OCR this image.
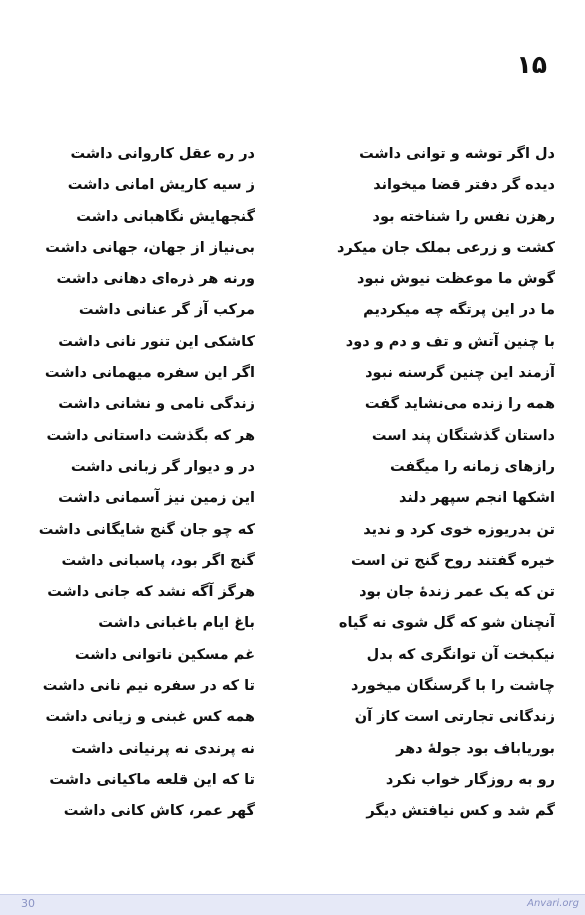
۱۵
دل اگر توشه و توانی داشت
دیده گر دفتر قضا میخواند
رهزن نفس را شناخته بود
کشت و زرعی بملک جان میکرد
گوش ما موعظت نیوش نبود
ما در این پرتگه چه میکردیم
با چنین آتش و تف و دم و دود
آزمند این چنین گرسنه نبود
همه را زنده می‌نشاید گفت
داستان گذشتگان پند است
رازهای زمانه را میگفت
اشکها انجم سپهر دلند
تن بدریوزه خوی کرد و ندید
خیره گفتند روح گنج تن است
تن که یک عمر زندهٔ جان بود
آنچنان شو که گل شوی نه گیاه
نیکبخت آن توانگری که بدل
چاشت را با گرسنگان میخورد
زندگانی تجارتی است کاز آن
بوریاباف بود جولهٔ دهر
رو به روزگار خواب نکرد
گم شد و کس نیافتش دیگر
در ره عقل کاروانی داشت
ز سیه کاریش امانی داشت
گنجهایش نگاهبانی داشت
بی‌نیاز از جهان، جهانی داشت
ورنه هر ذره‌ای دهانی داشت
مرکب آز گر عنانی داشت
کاشکی این تنور نانی داشت
اگر این سفره میهمانی داشت
زندگی نامی و نشانی داشت
هر که بگذشت داستانی داشت
در و دیوار گر زبانی داشت
این زمین نیز آسمانی داشت
که چو جان گنج شایگانی داشت
گنج اگر بود، پاسبانی داشت
هرگز آگه نشد که جانی داشت
باغ ایام باغبانی داشت
غم مسکین ناتوانی داشت
تا که در سفره نیم نانی داشت
همه کس غبنی و زیانی داشت
نه پرندی نه پرنیانی داشت
تا که این قلعه ماکیانی داشت
گهر عمر، کاش کانی داشت
30	Anvari.org
